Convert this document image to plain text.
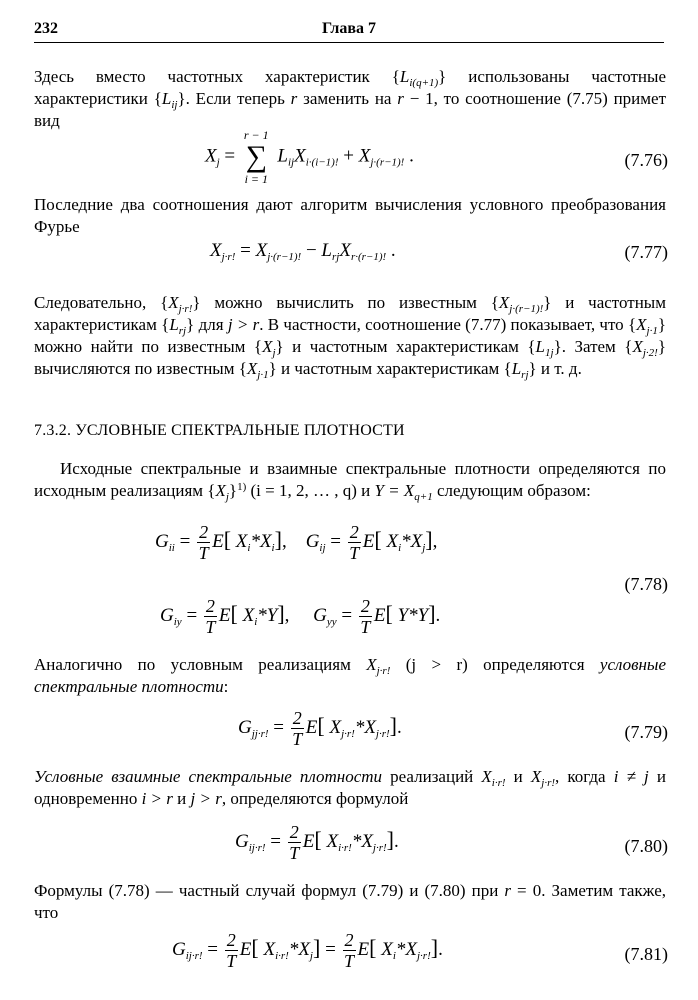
232	Глава 7
Здесь вместо частотных характеристик $\{L_{i(q+1)}\}$ использованы частотные характеристики $\{L_{ij}\}$. Если теперь r заменить на r − 1, то соотношение (7.75) примет вид
$X_j$ =
r − 1
∑
i = 1
$L_{ij}X_{i\cdot(i-1)!} + X_{j\cdot(r-1)!}$ .	(7.76)
Последние два соотношения дают алгоритм вычисления условного преобразования Фурье
$X_{j\cdot r!} = X_{j\cdot(r-1)!} - L_{rj}X_{r\cdot(r-1)!}$ .	(7.77)
Следовательно, $\{X_{j\cdot r!}\}$ можно вычислить по известным $\{X_{j\cdot(r-1)!}\}$ и частотным характеристикам $\{L_{rj}\}$ для j > r. В частности, соотношение (7.77) показывает, что $\{X_{j\cdot 1}\}$ можно найти по известным $\{X_j\}$ и частотным характеристикам $\{L_{1j}\}$. Затем $\{X_{j\cdot 2!}\}$ вычисляются по известным $\{X_{j\cdot 1}\}$ и частотным характеристикам $\{L_{rj}\}$ и т. д.
7.3.2. УСЛОВНЫЕ СПЕКТРАЛЬНЫЕ ПЛОТНОСТИ
Исходные спектральные и взаимные спектральные плотности определяются по исходным реализациям $\{X_j\}^{1)}$ (i = 1, 2, … , q) и $Y = X_{q+1}$ следующим образом:
$G_{ii} = \frac{2}{T} E$[ $X_i*X_i$],    $G_{ij} = \frac{2}{T} E$[ $X_i*X_j$],
$G_{iy} = \frac{2}{T} E$[ $X_i*Y$],     $G_{yy} = \frac{2}{T} E$[ Y*Y].
(7.78)
Аналогично по условным реализациям $X_{j\cdot r!}$ (j > r) определяются условные спектральные плотности:
$G_{jj\cdot r!} = \frac{2}{T} E$[ $X_{j\cdot r!}*X_{j\cdot r!}$].	(7.79)
Условные взаимные спектральные плотности реализаций $X_{i\cdot r!}$ и $X_{j\cdot r!}$, когда i ≠ j и одновременно i > r и j > r, определяются формулой
$G_{ij\cdot r!} = \frac{2}{T} E$[ $X_{i\cdot r!}*X_{j\cdot r!}$].	(7.80)
Формулы (7.78) — частный случай формул (7.79) и (7.80) при r = 0. Заметим также, что
$G_{ij\cdot r!} = \frac{2}{T} E$[ $X_{i\cdot r!}*X_j] = \frac{2}{T} E$[ $X_i*X_{j\cdot r!}$].	(7.81)
